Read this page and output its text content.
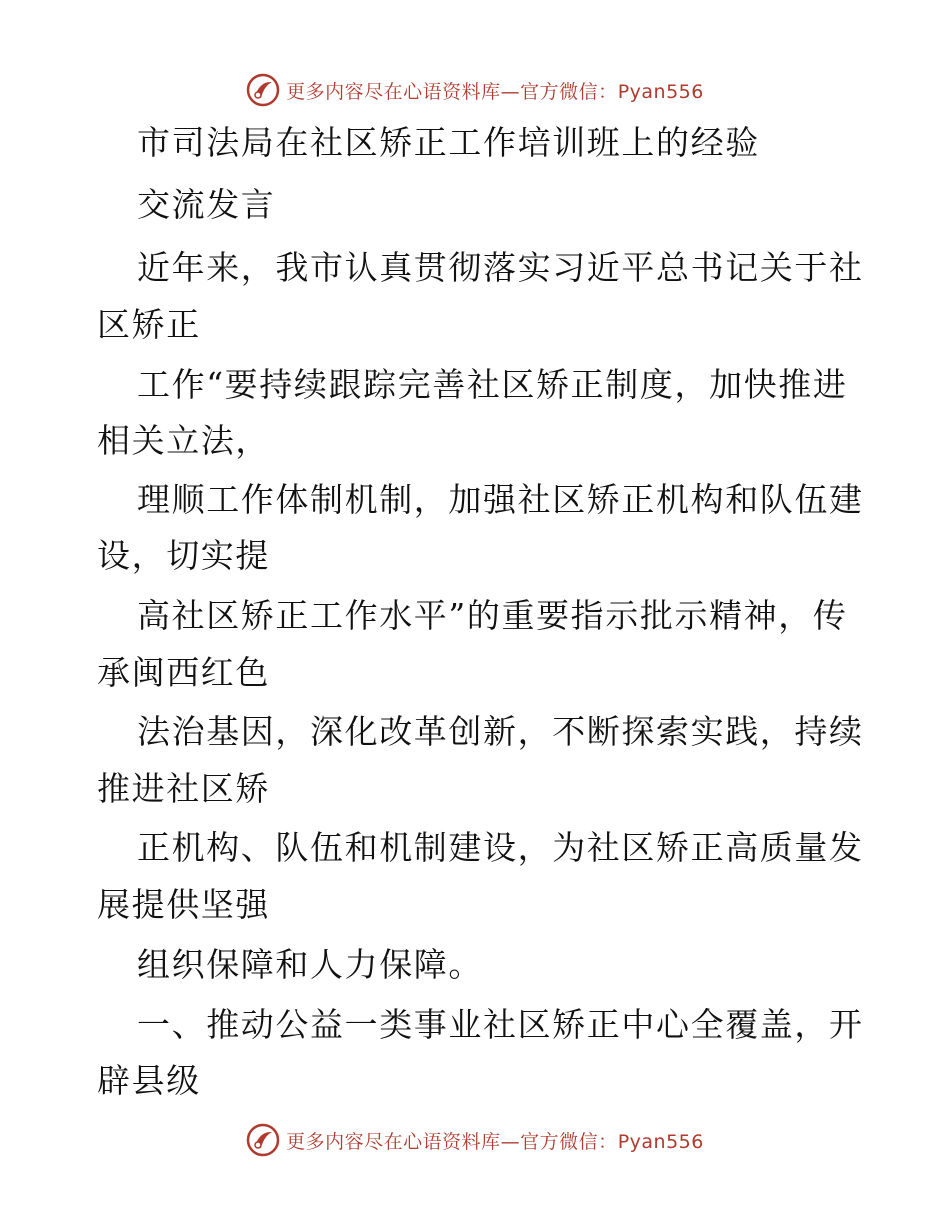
更多内容尽在心语资料库—官方微信：Pyan556
市司法局在社区矫正工作培训班上的经验
交流发言
近年来，我市认真贯彻落实习近平总书记关于社
区矫正
工作“要持续跟踪完善社区矫正制度，加快推进
相关立法，
理顺工作体制机制，加强社区矫正机构和队伍建
设，切实提
高社区矫正工作水平”的重要指示批示精神，传
承闽西红色
法治基因，深化改革创新，不断探索实践，持续
推进社区矫
正机构、队伍和机制建设，为社区矫正高质量发
展提供坚强
组织保障和人力保障。
一、推动公益一类事业社区矫正中心全覆盖，开
辟县级
更多内容尽在心语资料库—官方微信：Pyan556
